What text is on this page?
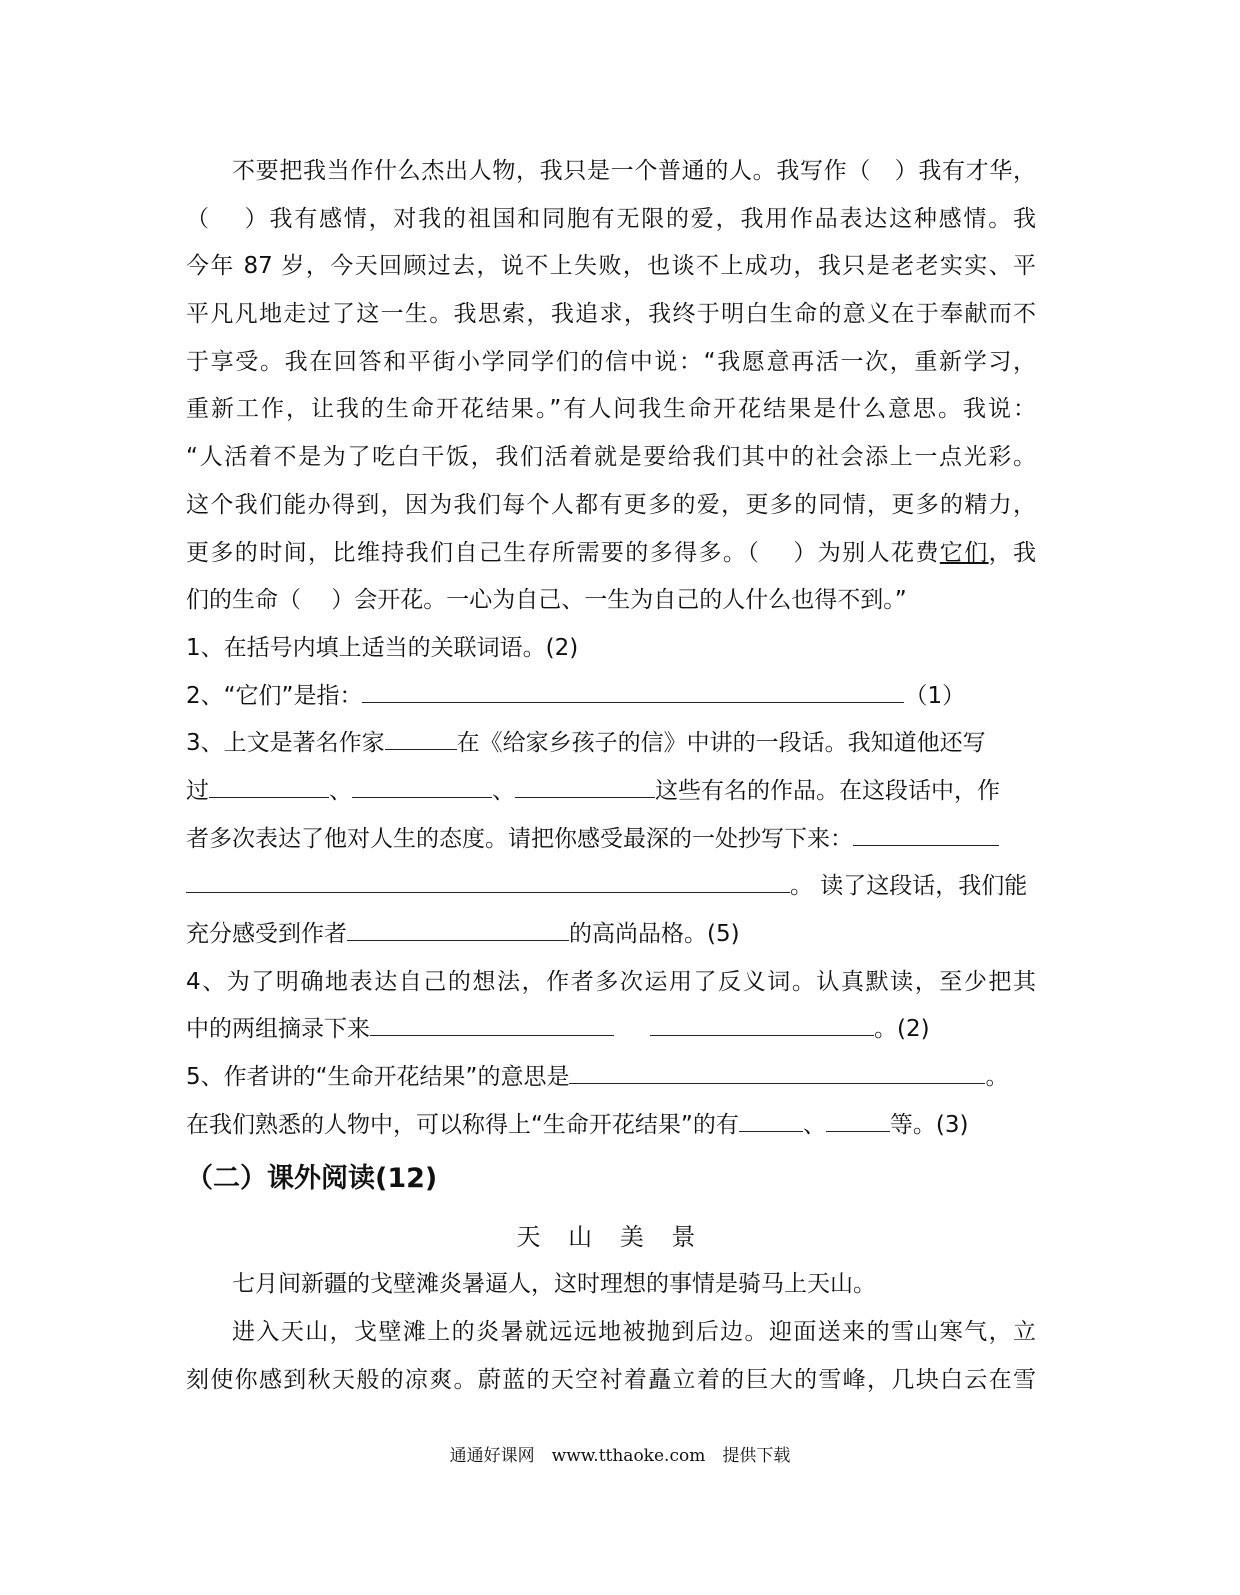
不要把我当作什么杰出人物，我只是一个普通的人。我写作（　）我有才华，
（　 ）我有感情，对我的祖国和同胞有无限的爱，我用作品表达这种感情。我
今年 87 岁，今天回顾过去，说不上失败，也谈不上成功，我只是老老实实、平
平凡凡地走过了这一生。我思索，我追求，我终于明白生命的意义在于奉献而不
于享受。我在回答和平街小学同学们的信中说：“我愿意再活一次，重新学习，
重新工作，让我的生命开花结果。”有人问我生命开花结果是什么意思。我说：
“人活着不是为了吃白干饭，我们活着就是要给我们其中的社会添上一点光彩。
这个我们能办得到，因为我们每个人都有更多的爱，更多的同情，更多的精力，
更多的时间，比维持我们自己生存所需要的多得多。（　 ）为别人花费它们，我
们的生命（　 ）会开花。一心为自己、一生为自己的人什么也得不到。”
1、在括号内填上适当的关联词语。(2)
2、“它们”是指：	（1）
3、上文是著名作家	在《给家乡孩子的信》中讲的一段话。我知道他还写
过	、	、	这些有名的作品。在这段话中，作
者多次表达了他对人生的态度。请把你感受最深的一处抄写下来：
。 读了这段话，我们能
充分感受到作者	的高尚品格。(5)
4、为了明确地表达自己的想法，作者多次运用了反义词。认真默读，至少把其
中的两组摘录下来	。(2)
5、作者讲的“生命开花结果”的意思是	。
在我们熟悉的人物中，可以称得上“生命开花结果”的有	、	等。(3)
（二）课外阅读(12)
天 山 美 景
七月间新疆的戈壁滩炎暑逼人，这时理想的事情是骑马上天山。
进入天山，戈壁滩上的炎暑就远远地被抛到后边。迎面送来的雪山寒气，立
刻使你感到秋天般的凉爽。蔚蓝的天空衬着矗立着的巨大的雪峰，几块白云在雪
通通好课网　www.tthaoke.com　提供下载
